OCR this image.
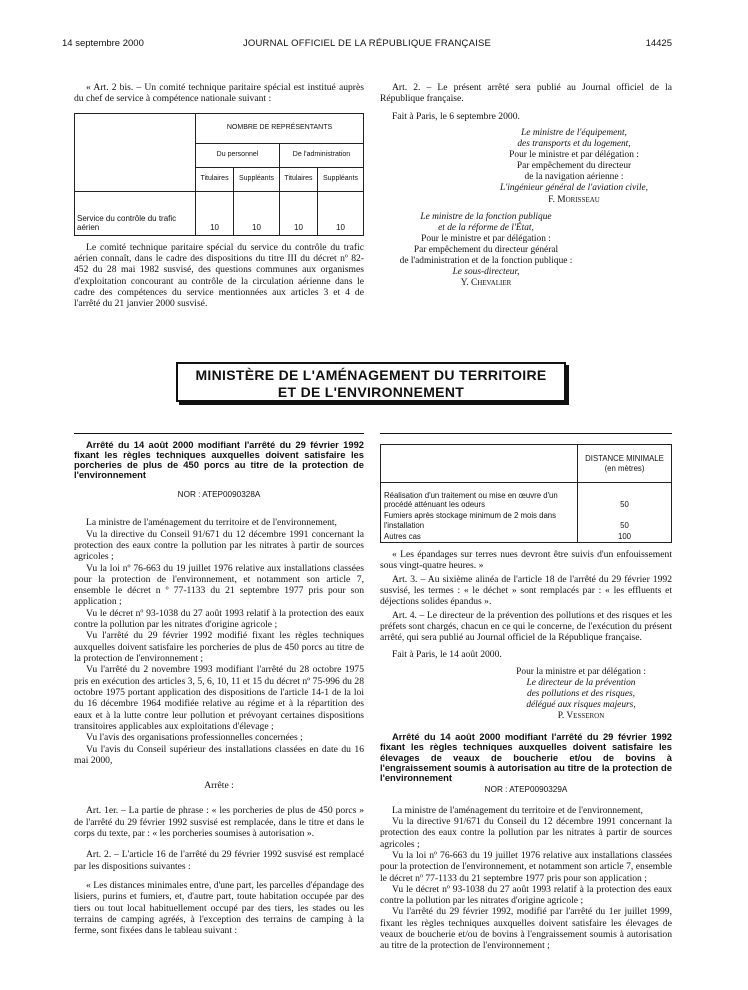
14 septembre 2000	JOURNAL OFFICIEL DE LA RÉPUBLIQUE FRANÇAISE	14425

« Art. 2 bis. – Un comité technique paritaire spécial est institué auprès du chef de service à compétence nationale suivant :

	NOMBRE DE REPRÉSENTANTS			
	Du personnel		De l'administration	
	Titulaires	Suppléants	Titulaires	Suppléants
Service du contrôle du trafic aérien	10	10	10	10

Le comité technique paritaire spécial du service du contrôle du trafic aérien connaît, dans le cadre des dispositions du titre III du décret nº 82-452 du 28 mai 1982 susvisé, des questions communes aux organismes d'exploitation concourant au contrôle de la circulation aérienne dans le cadre des compétences du service mentionnées aux articles 3 et 4 de l'arrêté du 21 janvier 2000 susvisé.

Art. 2. – Le présent arrêté sera publié au Journal officiel de la République française.

Fait à Paris, le 6 septembre 2000.

Le ministre de l'équipement,
des transports et du logement,
Pour le ministre et par délégation :
Par empêchement du directeur
de la navigation aérienne :
L'ingénieur général de l'aviation civile,
F. Morisseau
Le ministre de la fonction publique
et de la réforme de l'État,
Pour le ministre et par délégation :
Par empêchement du directeur général
de l'administration et de la fonction publique :
Le sous-directeur,
Y. Chevalier
MINISTÈRE DE L'AMÉNAGEMENT DU TERRITOIRE
ET DE L'ENVIRONNEMENT

Arrêté du 14 août 2000 modifiant l'arrêté du 29 février 1992 fixant les règles techniques auxquelles doivent satisfaire les porcheries de plus de 450 porcs au titre de la protection de l'environnement

NOR : ATEP0090328A

La ministre de l'aménagement du territoire et de l'environnement,

Vu la directive du Conseil 91/671 du 12 décembre 1991 concernant la protection des eaux contre la pollution par les nitrates à partir de sources agricoles ;

Vu la loi nº 76-663 du 19 juillet 1976 relative aux installations classées pour la protection de l'environnement, et notamment son article 7, ensemble le décret n º 77-1133 du 21 septembre 1977 pris pour son application ;

Vu le décret nº 93-1038 du 27 août 1993 relatif à la protection des eaux contre la pollution par les nitrates d'origine agricole ;

Vu l'arrêté du 29 février 1992 modifié fixant les règles techniques auxquelles doivent satisfaire les porcheries de plus de 450 porcs au titre de la protection de l'environnement ;

Vu l'arrêté du 2 novembre 1993 modifiant l'arrêté du 28 octobre 1975 pris en exécution des articles 3, 5, 6, 10, 11 et 15 du décret nº 75-996 du 28 octobre 1975 portant application des dispositions de l'article 14-1 de la loi du 16 décembre 1964 modifiée relative au régime et à la répartition des eaux et à la lutte contre leur pollution et prévoyant certaines dispositions transitoires applicables aux exploitations d'élevage ;

Vu l'avis des organisations professionnelles concernées ;

Vu l'avis du Conseil supérieur des installations classées en date du 16 mai 2000,

Arrête :

Art. 1er. – La partie de phrase : « les porcheries de plus de 450 porcs » de l'arrêté du 29 février 1992 susvisé est remplacée, dans le titre et dans le corps du texte, par : « les porcheries soumises à autorisation ».

Art. 2. – L'article 16 de l'arrêté du 29 février 1992 susvisé est remplacé par les dispositions suivantes :

« Les distances minimales entre, d'une part, les parcelles d'épandage des lisiers, purins et fumiers, et, d'autre part, toute habitation occupée par des tiers ou tout local habituellement occupé par des tiers, les stades ou les terrains de camping agréés, à l'exception des terrains de camping à la ferme, sont fixées dans le tableau suivant :

	DISTANCE MINIMALE
(en mètres)

Réalisation d'un traitement ou mise en œuvre d'un procédé atténuant les odeurs	50
Fumiers après stockage minimum de 2 mois dans l'installation	50
Autres cas	100

« Les épandages sur terres nues devront être suivis d'un enfouissement sous vingt-quatre heures. »

Art. 3. – Au sixième alinéa de l'article 18 de l'arrêté du 29 février 1992 susvisé, les termes : « le déchet » sont remplacés par : « les effluents et déjections solides épandus ».

Art. 4. – Le directeur de la prévention des pollutions et des risques et les préfets sont chargés, chacun en ce qui le concerne, de l'exécution du présent arrêté, qui sera publié au Journal officiel de la République française.

Fait à Paris, le 14 août 2000.

Pour la ministre et par délégation :
Le directeur de la prévention
des pollutions et des risques,
délégué aux risques majeurs,
P. Vesseron

Arrêté du 14 août 2000 modifiant l'arrêté du 29 février 1992 fixant les règles techniques auxquelles doivent satisfaire les élevages de veaux de boucherie et/ou de bovins à l'engraissement soumis à autorisation au titre de la protection de l'environnement

NOR : ATEP0090329A

La ministre de l'aménagement du territoire et de l'environnement,

Vu la directive 91/671 du Conseil du 12 décembre 1991 concernant la protection des eaux contre la pollution par les nitrates à partir de sources agricoles ;

Vu la loi nº 76-663 du 19 juillet 1976 relative aux installations classées pour la protection de l'environnement, et notamment son article 7, ensemble le décret nº 77-1133 du 21 septembre 1977 pris pour son application ;

Vu le décret nº 93-1038 du 27 août 1993 relatif à la protection des eaux contre la pollution par les nitrates d'origine agricole ;

Vu l'arrêté du 29 février 1992, modifié par l'arrêté du 1er juillet 1999, fixant les règles techniques auxquelles doivent satisfaire les élevages de veaux de boucherie et/ou de bovins à l'engraissement soumis à autorisation au titre de la protection de l'environnement ;
